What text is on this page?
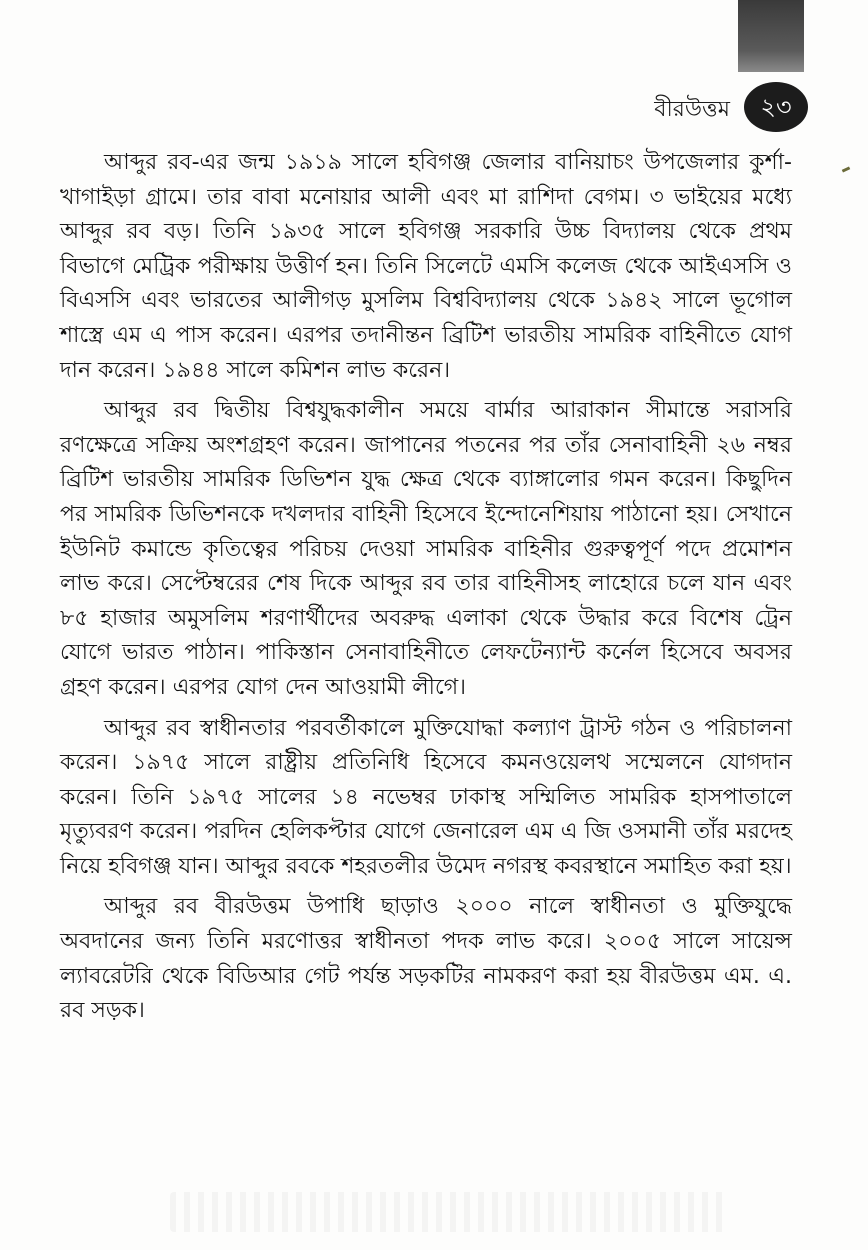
বীরউত্তম	২৩

আব্দুর রব-এর জন্ম ১৯১৯ সালে হবিগঞ্জ জেলার বানিয়াচং উপজেলার কুর্শা-খাগাইড়া গ্রামে। তার বাবা মনোয়ার আলী এবং মা রাশিদা বেগম। ৩ ভাইয়ের মধ্যে আব্দুর রব বড়। তিনি ১৯৩৫ সালে হবিগঞ্জ সরকারি উচ্চ বিদ্যালয় থেকে প্রথম বিভাগে মেট্রিক পরীক্ষায় উত্তীর্ণ হন। তিনি সিলেটে এমসি কলেজ থেকে আইএসসি ও বিএসসি এবং ভারতের আলীগড় মুসলিম বিশ্ববিদ্যালয় থেকে ১৯৪২ সালে ভূগোল শাস্ত্রে এম এ পাস করেন। এরপর তদানীন্তন ব্রিটিশ ভারতীয় সামরিক বাহিনীতে যোগ দান করেন। ১৯৪৪ সালে কমিশন লাভ করেন।

আব্দুর রব দ্বিতীয় বিশ্বযুদ্ধকালীন সময়ে বার্মার আরাকান সীমান্তে সরাসরি রণক্ষেত্রে সক্রিয় অংশগ্রহণ করেন। জাপানের পতনের পর তাঁর সেনাবাহিনী ২৬ নম্বর ব্রিটিশ ভারতীয় সামরিক ডিভিশন যুদ্ধ ক্ষেত্র থেকে ব্যাঙ্গালোর গমন করেন। কিছুদিন পর সামরিক ডিভিশনকে দখলদার বাহিনী হিসেবে ইন্দোনেশিয়ায় পাঠানো হয়। সেখানে ইউনিট কমান্ডে কৃতিত্বের পরিচয় দেওয়া সামরিক বাহিনীর গুরুত্বপূর্ণ পদে প্রমোশন লাভ করে। সেপ্টেম্বরের শেষ দিকে আব্দুর রব তার বাহিনীসহ লাহোরে চলে যান এবং ৮৫ হাজার অমুসলিম শরণার্থীদের অবরুদ্ধ এলাকা থেকে উদ্ধার করে বিশেষ ট্রেন যোগে ভারত পাঠান। পাকিস্তান সেনাবাহিনীতে লেফটেন্যান্ট কর্নেল হিসেবে অবসর গ্রহণ করেন। এরপর যোগ দেন আওয়ামী লীগে।

আব্দুর রব স্বাধীনতার পরবর্তীকালে মুক্তিযোদ্ধা কল্যাণ ট্রাস্ট গঠন ও পরিচালনা করেন। ১৯৭৫ সালে রাষ্ট্রীয় প্রতিনিধি হিসেবে কমনওয়েলথ সম্মেলনে যোগদান করেন। তিনি ১৯৭৫ সালের ১৪ নভেম্বর ঢাকাস্থ সম্মিলিত সামরিক হাসপাতালে মৃত্যুবরণ করেন। পরদিন হেলিকপ্টার যোগে জেনারেল এম এ জি ওসমানী তাঁর মরদেহ নিয়ে হবিগঞ্জ যান। আব্দুর রবকে শহরতলীর উমেদ নগরস্থ কবরস্থানে সমাহিত করা হয়।

আব্দুর রব বীরউত্তম উপাধি ছাড়াও ২০০০ নালে স্বাধীনতা ও মুক্তিযুদ্ধে অবদানের জন্য তিনি মরণোত্তর স্বাধীনতা পদক লাভ করে। ২০০৫ সালে সায়েন্স ল্যাবরেটরি থেকে বিডিআর গেট পর্যন্ত সড়কটির নামকরণ করা হয় বীরউত্তম এম. এ. রব সড়ক।
